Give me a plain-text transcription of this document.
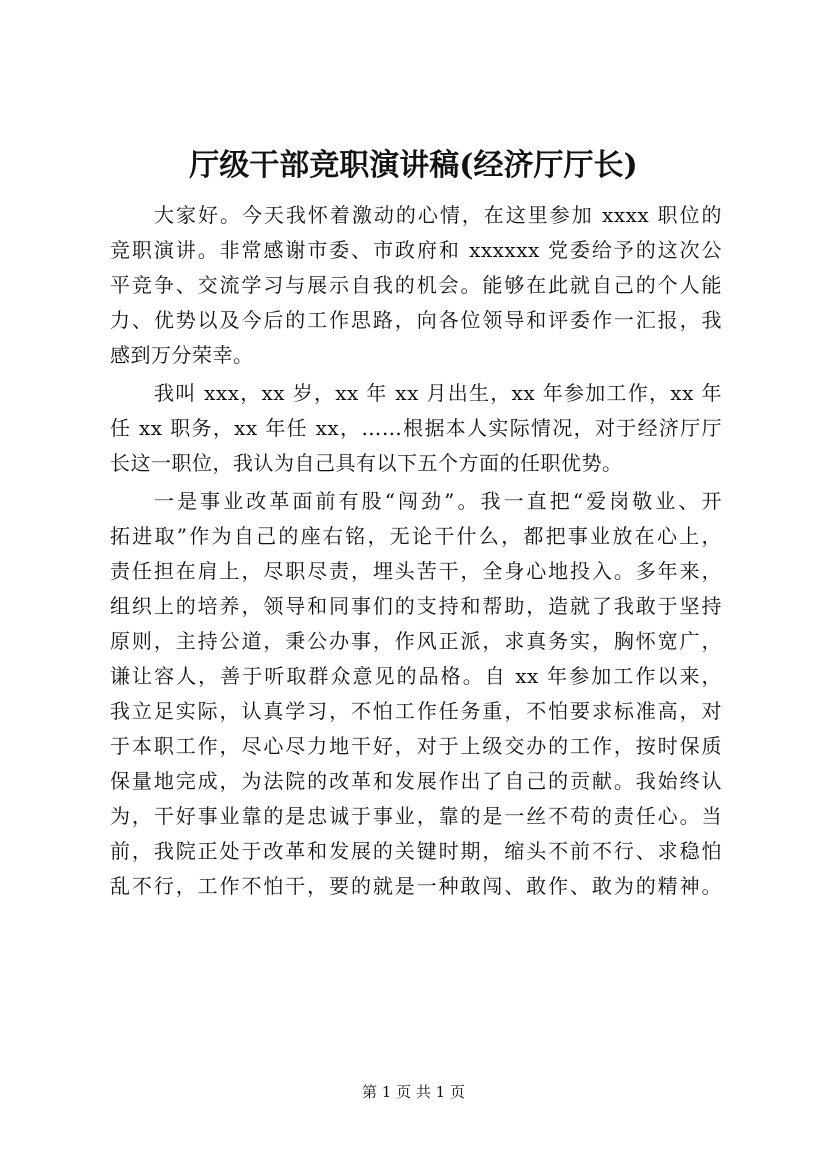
厅级干部竞职演讲稿(经济厅厅长)
大家好。今天我怀着激动的心情，在这里参加 xxxx 职位的
竞职演讲。非常感谢市委、市政府和 xxxxxx 党委给予的这次公
平竞争、交流学习与展示自我的机会。能够在此就自己的个人能
力、优势以及今后的工作思路，向各位领导和评委作一汇报，我
感到万分荣幸。
我叫 xxx，xx 岁，xx 年 xx 月出生，xx 年参加工作，xx 年
任 xx 职务，xx 年任 xx，……根据本人实际情况，对于经济厅厅
长这一职位，我认为自己具有以下五个方面的任职优势。
一是事业改革面前有股“闯劲”。我一直把“爱岗敬业、开
拓进取”作为自己的座右铭，无论干什么，都把事业放在心上，
责任担在肩上，尽职尽责，埋头苦干，全身心地投入。多年来，
组织上的培养，领导和同事们的支持和帮助，造就了我敢于坚持
原则，主持公道，秉公办事，作风正派，求真务实，胸怀宽广，
谦让容人，善于听取群众意见的品格。自 xx 年参加工作以来，
我立足实际，认真学习，不怕工作任务重，不怕要求标准高，对
于本职工作，尽心尽力地干好，对于上级交办的工作，按时保质
保量地完成，为法院的改革和发展作出了自己的贡献。我始终认
为，干好事业靠的是忠诚于事业，靠的是一丝不苟的责任心。当
前，我院正处于改革和发展的关键时期，缩头不前不行、求稳怕
乱不行，工作不怕干，要的就是一种敢闯、敢作、敢为的精神。
第 1 页 共 1 页
